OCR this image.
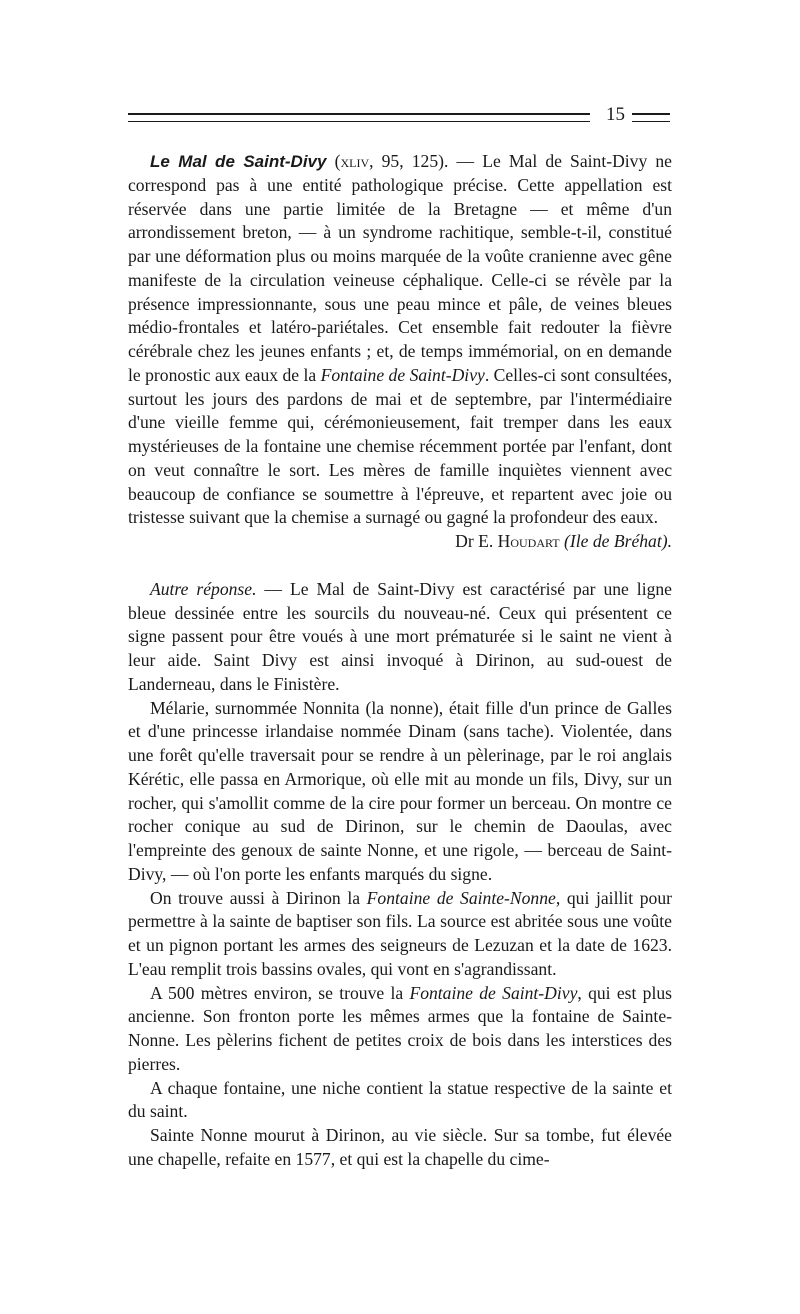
15

Le Mal de Saint-Divy (xliv, 95, 125). — Le Mal de Saint-Divy ne correspond pas à une entité pathologique précise. Cette appellation est réservée dans une partie limitée de la Bretagne — et même d'un arrondissement breton, — à un syndrome rachitique, semble-t-il, constitué par une déformation plus ou moins marquée de la voûte cranienne avec gêne manifeste de la circulation veineuse céphalique. Celle-ci se révèle par la présence impressionnante, sous une peau mince et pâle, de veines bleues médio-frontales et latéro-pariétales. Cet ensemble fait redouter la fièvre cérébrale chez les jeunes enfants ; et, de temps immémorial, on en demande le pronostic aux eaux de la Fontaine de Saint-Divy. Celles-ci sont consultées, surtout les jours des pardons de mai et de septembre, par l'intermédiaire d'une vieille femme qui, cérémonieusement, fait tremper dans les eaux mystérieuses de la fontaine une chemise récemment portée par l'enfant, dont on veut connaître le sort. Les mères de famille inquiètes viennent avec beaucoup de confiance se soumettre à l'épreuve, et repartent avec joie ou tristesse suivant que la chemise a surnagé ou gagné la profondeur des eaux.

Dr E. Houdart (Ile de Bréhat).

Autre réponse. — Le Mal de Saint-Divy est caractérisé par une ligne bleue dessinée entre les sourcils du nouveau-né. Ceux qui présentent ce signe passent pour être voués à une mort prématurée si le saint ne vient à leur aide. Saint Divy est ainsi invoqué à Dirinon, au sud-ouest de Landerneau, dans le Finistère.

Mélarie, surnommée Nonnita (la nonne), était fille d'un prince de Galles et d'une princesse irlandaise nommée Dinam (sans tache). Violentée, dans une forêt qu'elle traversait pour se rendre à un pèlerinage, par le roi anglais Kérétic, elle passa en Armorique, où elle mit au monde un fils, Divy, sur un rocher, qui s'amollit comme de la cire pour former un berceau. On montre ce rocher conique au sud de Dirinon, sur le chemin de Daoulas, avec l'empreinte des genoux de sainte Nonne, et une rigole, — berceau de Saint-Divy, — où l'on porte les enfants marqués du signe.

On trouve aussi à Dirinon la Fontaine de Sainte-Nonne, qui jaillit pour permettre à la sainte de baptiser son fils. La source est abritée sous une voûte et un pignon portant les armes des seigneurs de Lezuzan et la date de 1623. L'eau remplit trois bassins ovales, qui vont en s'agrandissant.

A 500 mètres environ, se trouve la Fontaine de Saint-Divy, qui est plus ancienne. Son fronton porte les mêmes armes que la fontaine de Sainte-Nonne. Les pèlerins fichent de petites croix de bois dans les interstices des pierres.

A chaque fontaine, une niche contient la statue respective de la sainte et du saint.

Sainte Nonne mourut à Dirinon, au vie siècle. Sur sa tombe, fut élevée une chapelle, refaite en 1577, et qui est la chapelle du cime-
